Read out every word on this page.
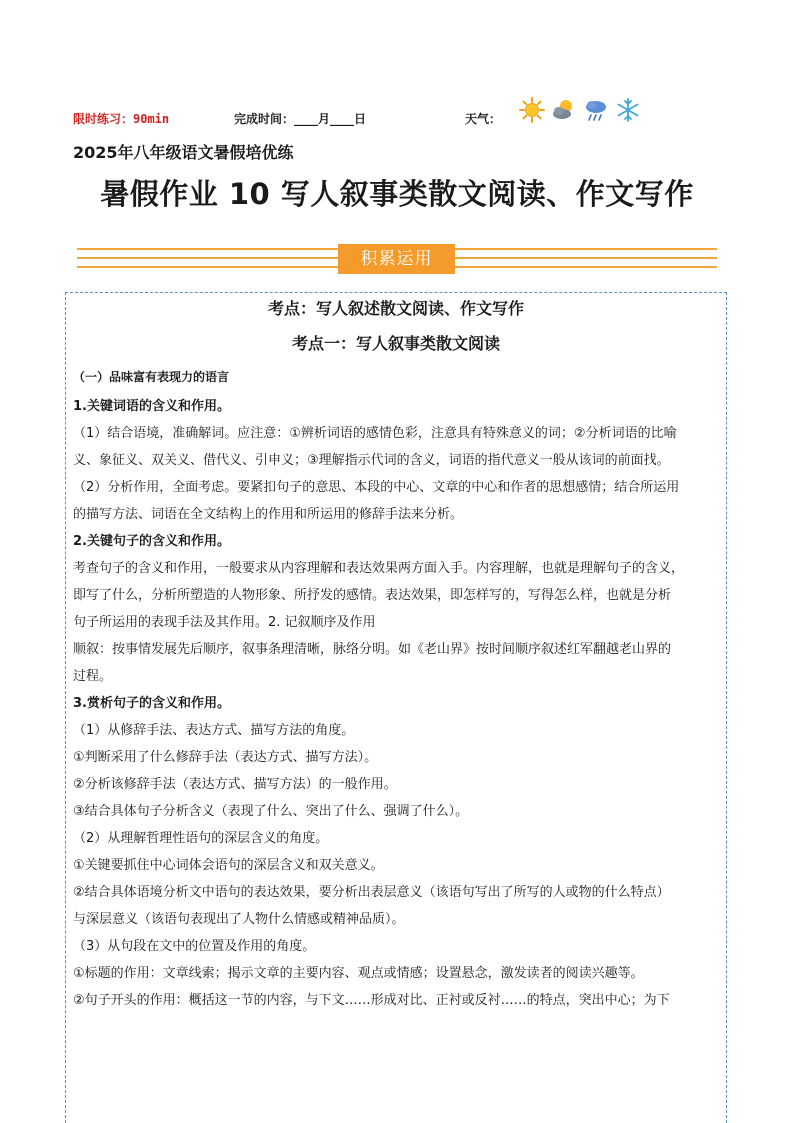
限时练习：90min	完成时间：____月____日	天气：
2025年八年级语文暑假培优练
暑假作业 10 写人叙事类散文阅读、作文写作
积累运用
考点：写人叙述散文阅读、作文写作
考点一：写人叙事类散文阅读
（一）品味富有表现力的语言
1.关键词语的含义和作用。
（1）结合语境，准确解词。应注意：①辨析词语的感情色彩，注意具有特殊意义的词；②分析词语的比喻
义、象征义、双关义、借代义、引申义；③理解指示代词的含义，词语的指代意义一般从该词的前面找。
（2）分析作用，全面考虑。要紧扣句子的意思、本段的中心、文章的中心和作者的思想感情；结合所运用
的描写方法、词语在全文结构上的作用和所运用的修辞手法来分析。
2.关键句子的含义和作用。
考查句子的含义和作用，一般要求从内容理解和表达效果两方面入手。内容理解，也就是理解句子的含义，
即写了什么，分析所塑造的人物形象、所抒发的感情。表达效果，即怎样写的，写得怎么样，也就是分析
句子所运用的表现手法及其作用。2. 记叙顺序及作用
顺叙：按事情发展先后顺序，叙事条理清晰，脉络分明。如《老山界》按时间顺序叙述红军翻越老山界的
过程。
3.赏析句子的含义和作用。
（1）从修辞手法、表达方式、描写方法的角度。
①判断采用了什么修辞手法（表达方式、描写方法）。
②分析该修辞手法（表达方式、描写方法）的一般作用。
③结合具体句子分析含义（表现了什么、突出了什么、强调了什么）。
（2）从理解哲理性语句的深层含义的角度。
①关键要抓住中心词体会语句的深层含义和双关意义。
②结合具体语境分析文中语句的表达效果，要分析出表层意义（该语句写出了所写的人或物的什么特点）
与深层意义（该语句表现出了人物什么情感或精神品质）。
（3）从句段在文中的位置及作用的角度。
①标题的作用：文章线索；揭示文章的主要内容、观点或情感；设置悬念，激发读者的阅读兴趣等。
②句子开头的作用：概括这一节的内容，与下文……形成对比、正衬或反衬……的特点，突出中心；为下
